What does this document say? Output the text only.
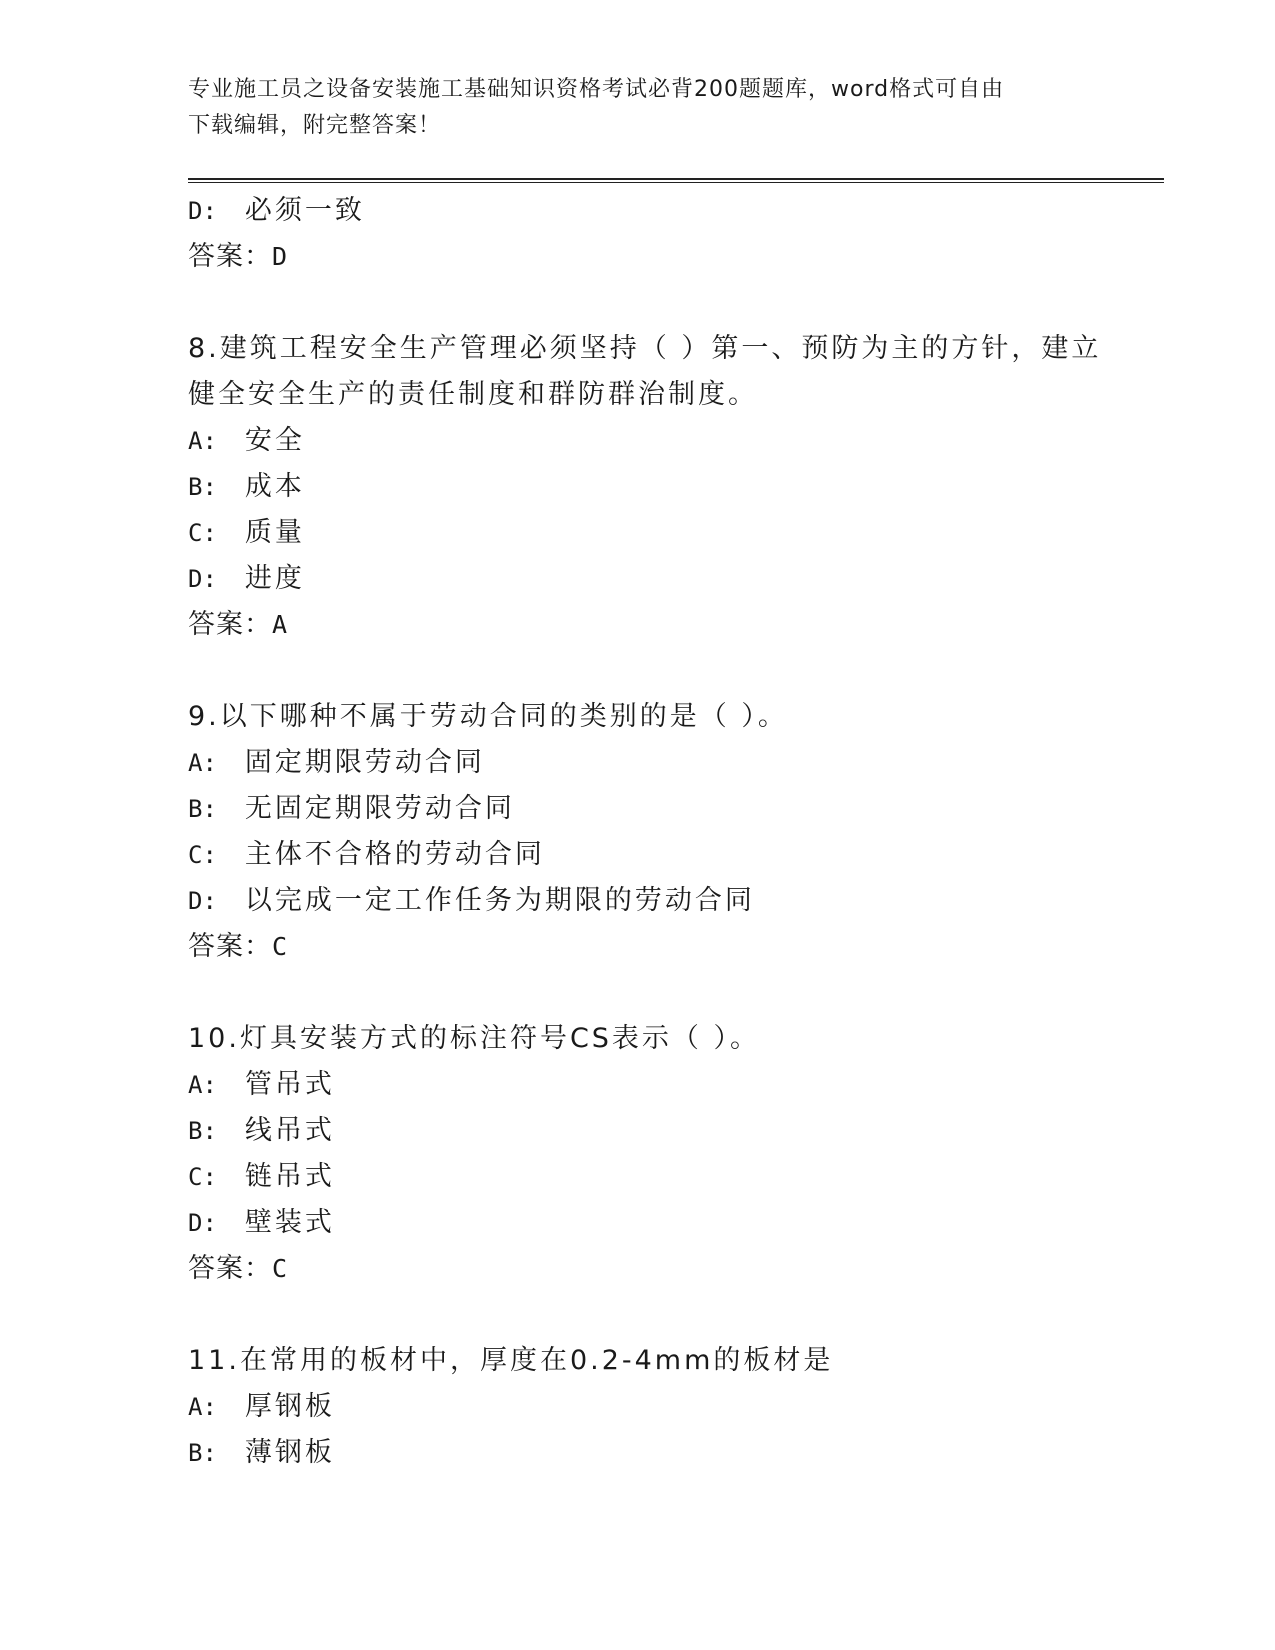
专业施工员之设备安装施工基础知识资格考试必背200题题库，word格式可自由
下载编辑，附完整答案！
D: 必须一致
答案：D
8.建筑工程安全生产管理必须坚持（ ）第一、预防为主的方针，建立
健全安全生产的责任制度和群防群治制度。
A: 安全
B: 成本
C: 质量
D: 进度
答案：A
9.以下哪种不属于劳动合同的类别的是（ ）。
A: 固定期限劳动合同
B: 无固定期限劳动合同
C: 主体不合格的劳动合同
D: 以完成一定工作任务为期限的劳动合同
答案：C
10.灯具安装方式的标注符号CS表示（ ）。
A: 管吊式
B: 线吊式
C: 链吊式
D: 壁装式
答案：C
11.在常用的板材中，厚度在0.2-4mm的板材是
A: 厚钢板
B: 薄钢板
